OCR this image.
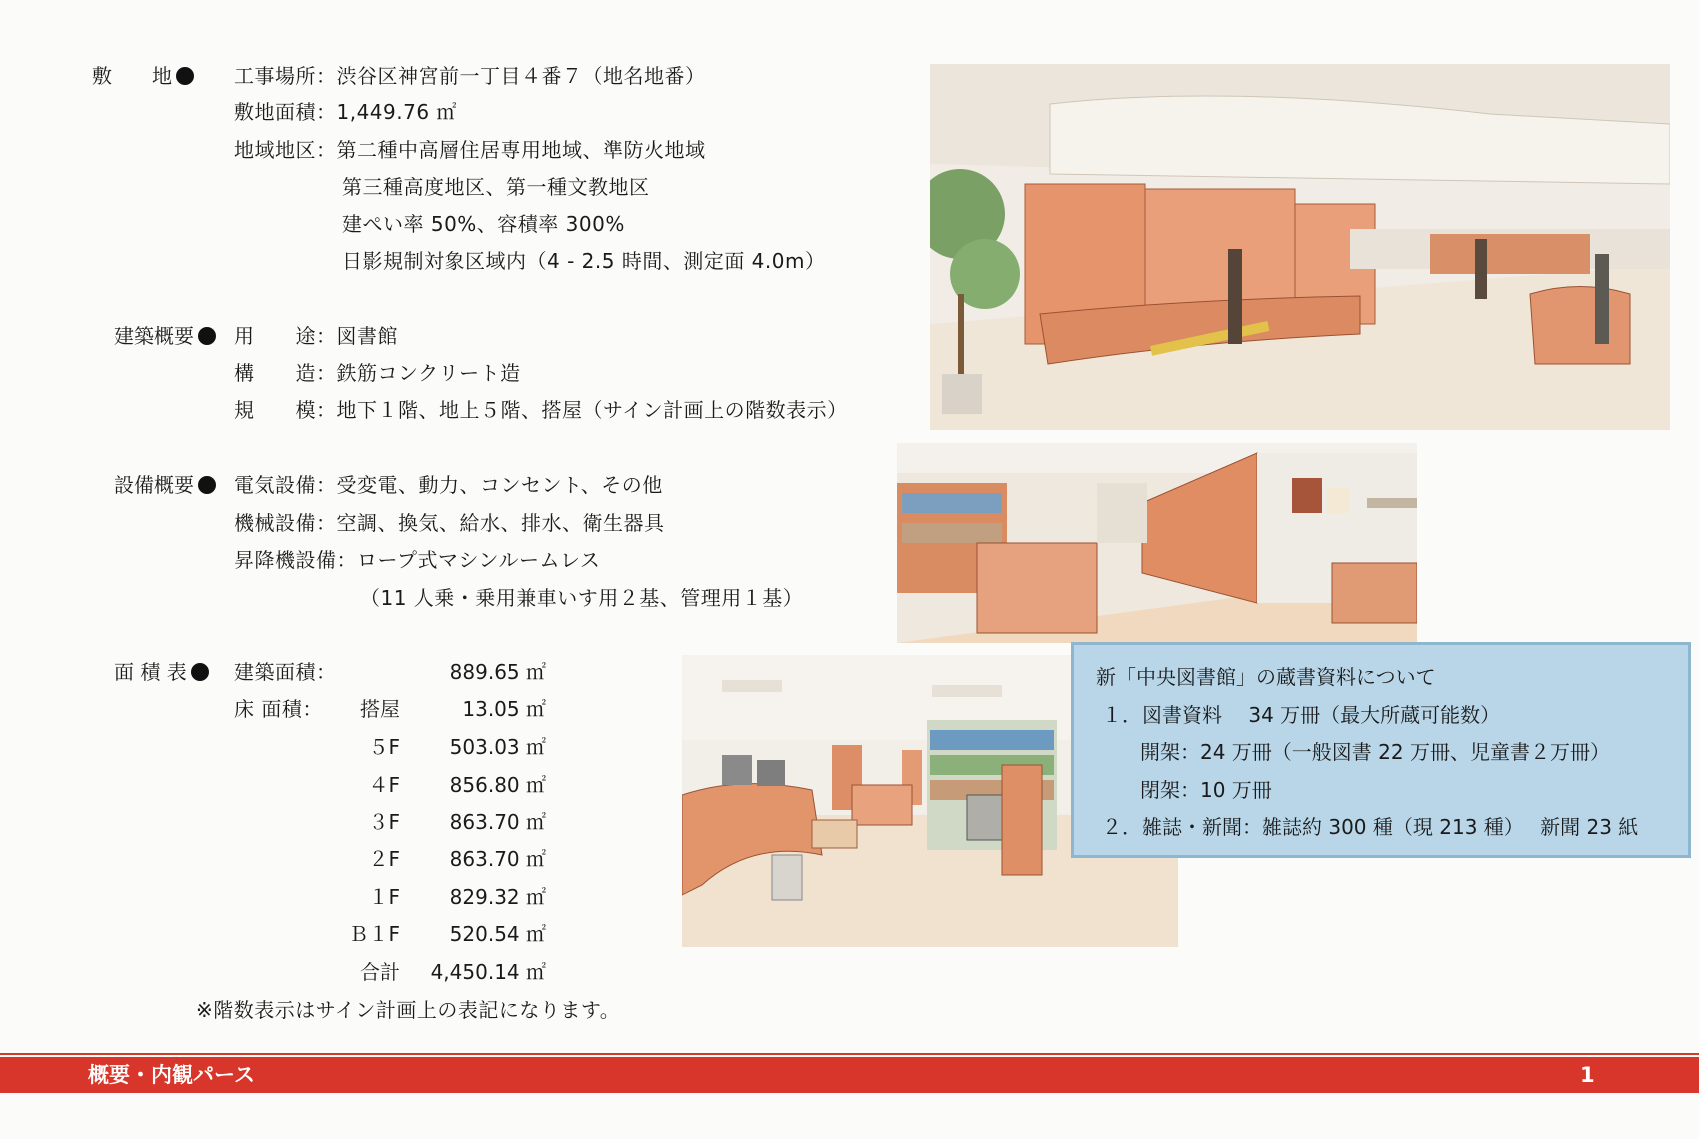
敷　　地	工事場所：渋谷区神宮前一丁目４番７（地名地番）
敷地面積：1,449.76 ㎡
地域地区：第二種中高層住居専用地域、準防火地域
第三種高度地区、第一種文教地区
建ぺい率 50%、容積率 300%
日影規制対象区域内（4 - 2.5 時間、測定面 4.0m）
建築概要	用　　途：図書館
構　　造：鉄筋コンクリート造
規　　模：地下１階、地上５階、搭屋（サイン計画上の階数表示）
設備概要	電気設備：受変電、動力、コンセント、その他
機械設備：空調、換気、給水、排水、衛生器具
昇降機設備：ロープ式マシンルームレス
（11 人乗・乗用兼車いす用２基、管理用１基）
面 積 表	建築面積：	889.65 ㎡
床 面積：	搭屋	13.05 ㎡
５F	503.03 ㎡
４F	856.80 ㎡
３F	863.70 ㎡
２F	863.70 ㎡
１F	829.32 ㎡
Ｂ１F	520.54 ㎡
合計	4,450.14 ㎡
※階数表示はサイン計画上の表記になります。
新「中央図書館」の蔵書資料について
１．図書資料　 34 万冊（最大所蔵可能数）
開架：24 万冊（一般図書 22 万冊、児童書２万冊）
閉架：10 万冊
２．雑誌・新聞：雑誌約 300 種（現 213 種）　 新聞 23 紙
概要・内観パース	1
